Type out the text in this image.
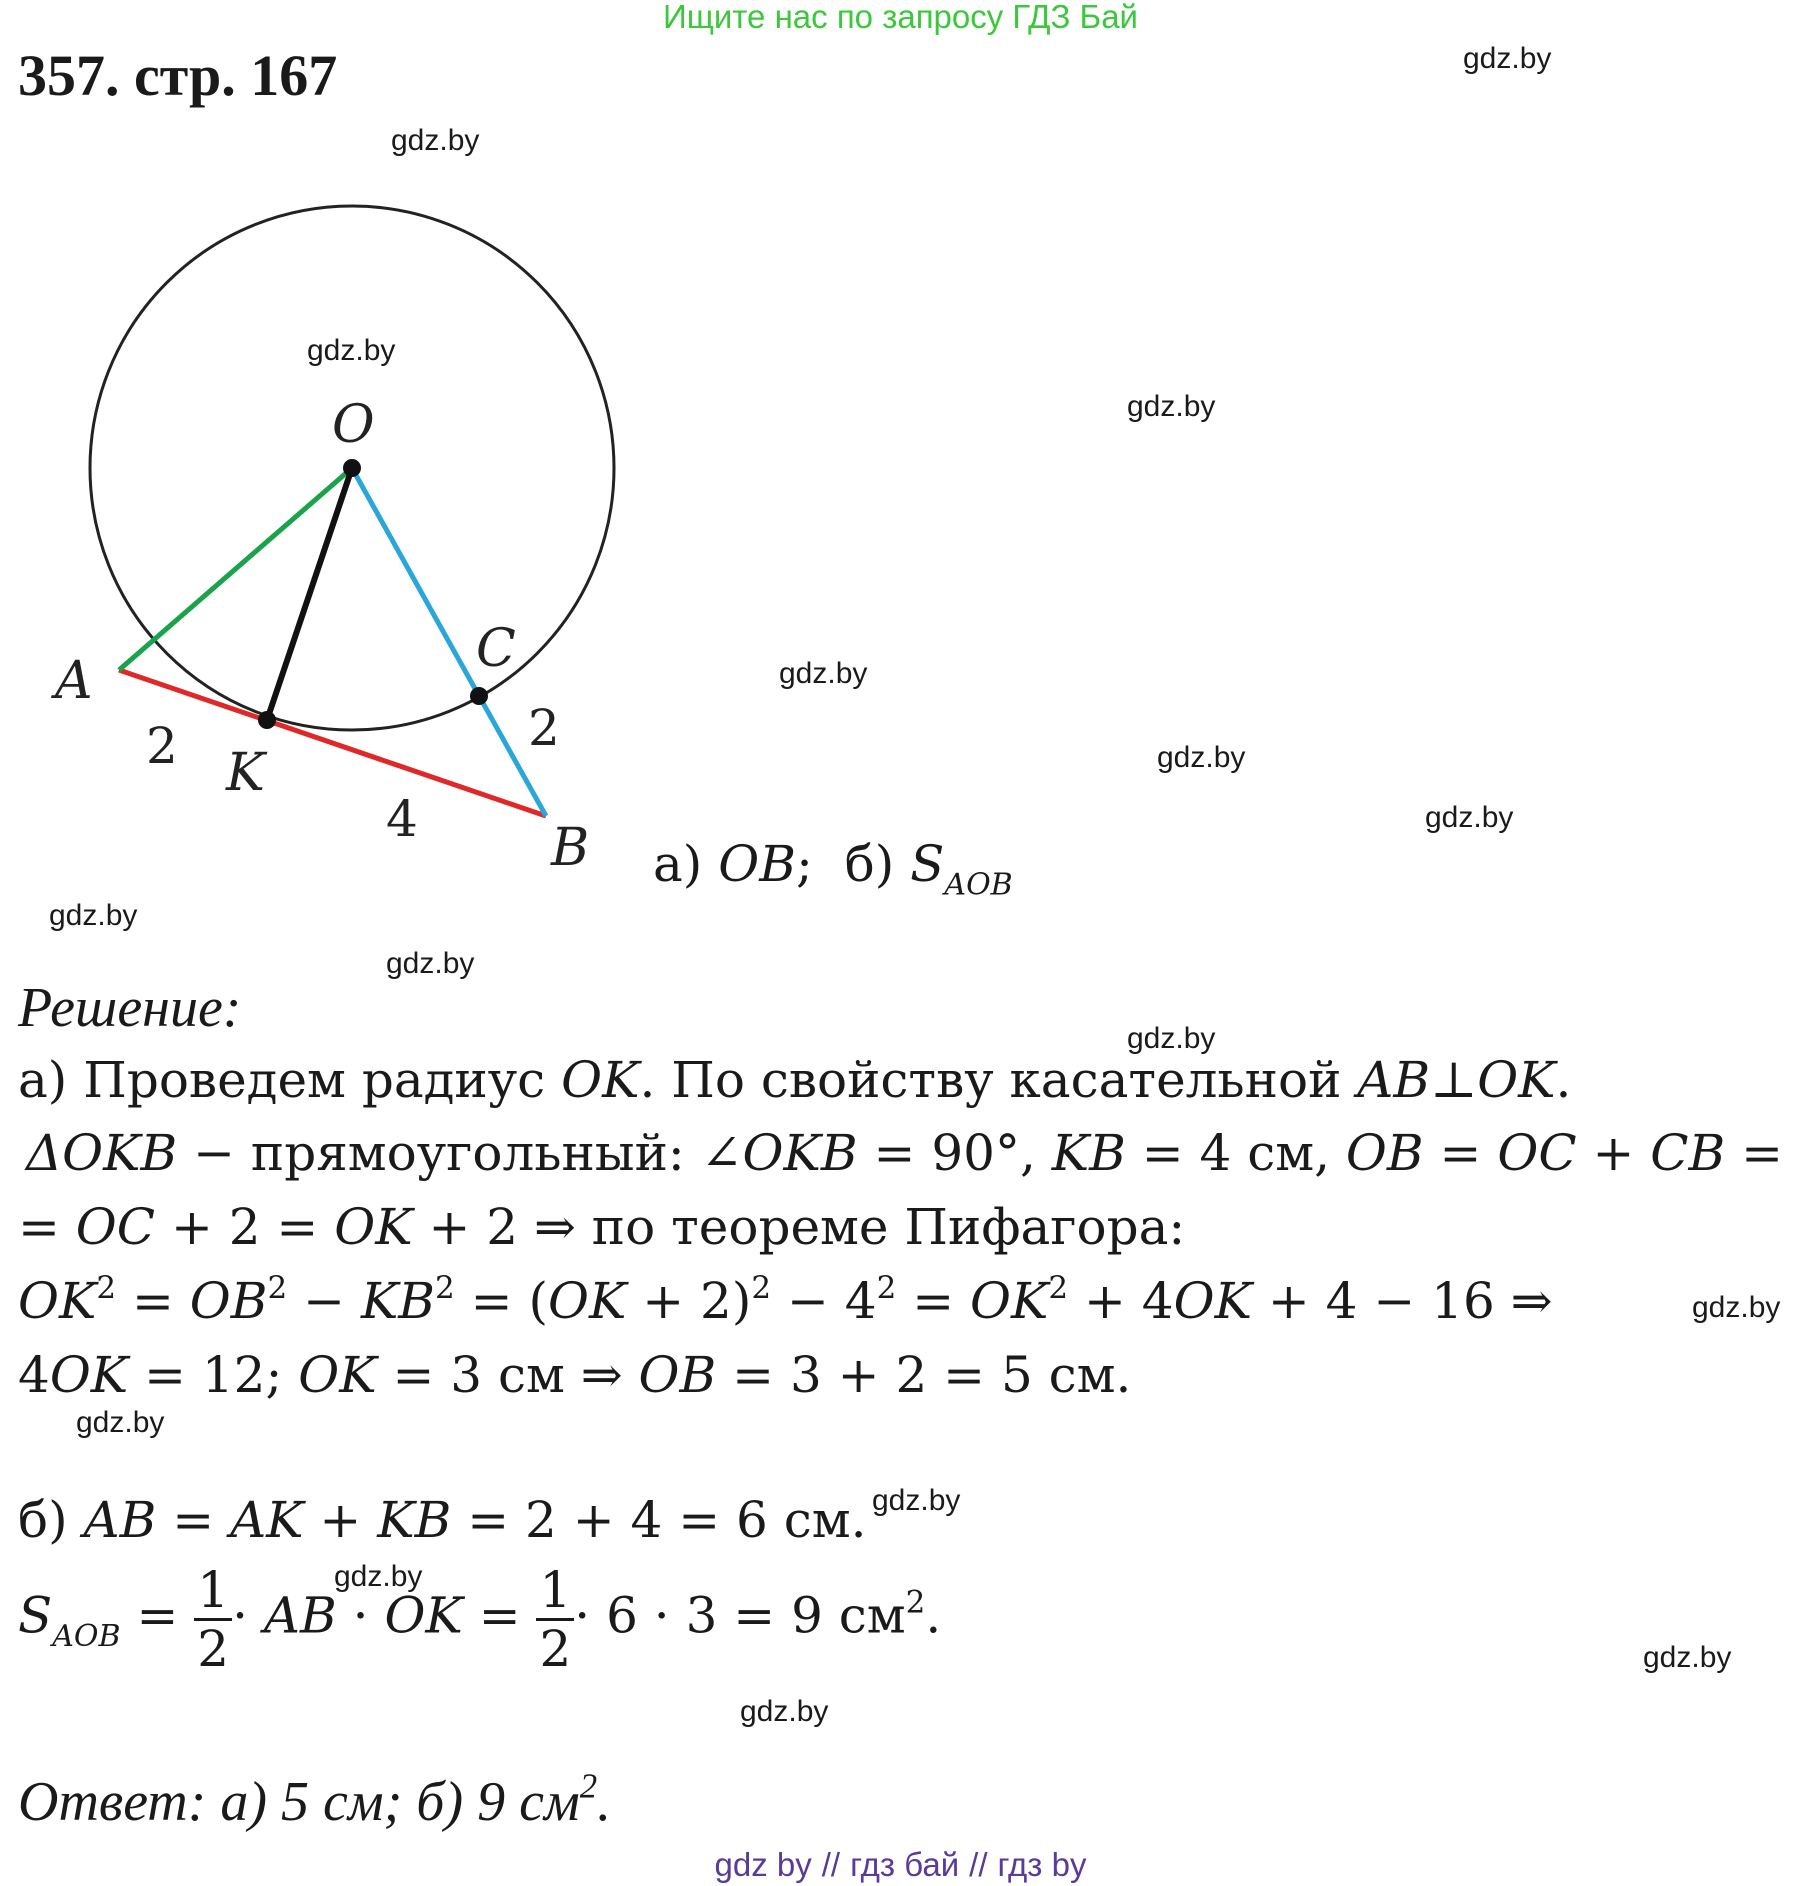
Ищите нас по запросу ГДЗ Бай
357. стр. 167	gdz.by
gdz.by
gdz.by
gdz.by
gdz.by
gdz.by
gdz.by
gdz.by
gdz.by
gdz.by
gdz.by
gdz.by
gdz.by
gdz.by
gdz.by
gdz.by
O
A
K
C
B
2
4
2
а) OB; б) $S_{AOB}$
Решение:
а) Проведем радиус OK. По свойству касательной AB⊥OK.
ΔOKB − прямоугольный: ∠OKB = 90°, KB = 4 см, OB = OC + CB =
= OC + 2 = OK + 2 ⇒ по теореме Пифагора:
$OK^2 = OB^2 - KB^2 = (OK + 2)^2 - 4^2 = OK^2 + 4OK + 4 - 16$ ⇒
4OK = 12; OK = 3 см ⇒ OB = 3 + 2 = 5 см.
б) AB = AK + KB = 2 + 4 = 6 см.
$S_{AOB} = \frac{1}{2}$ · AB · OK = $\frac{1}{2} \cdot 6 \cdot 3 = 9$ $см^2$.
Ответ: а) 5 см; б) 9 $см^2$.
gdz by // гдз бай // гдз by
